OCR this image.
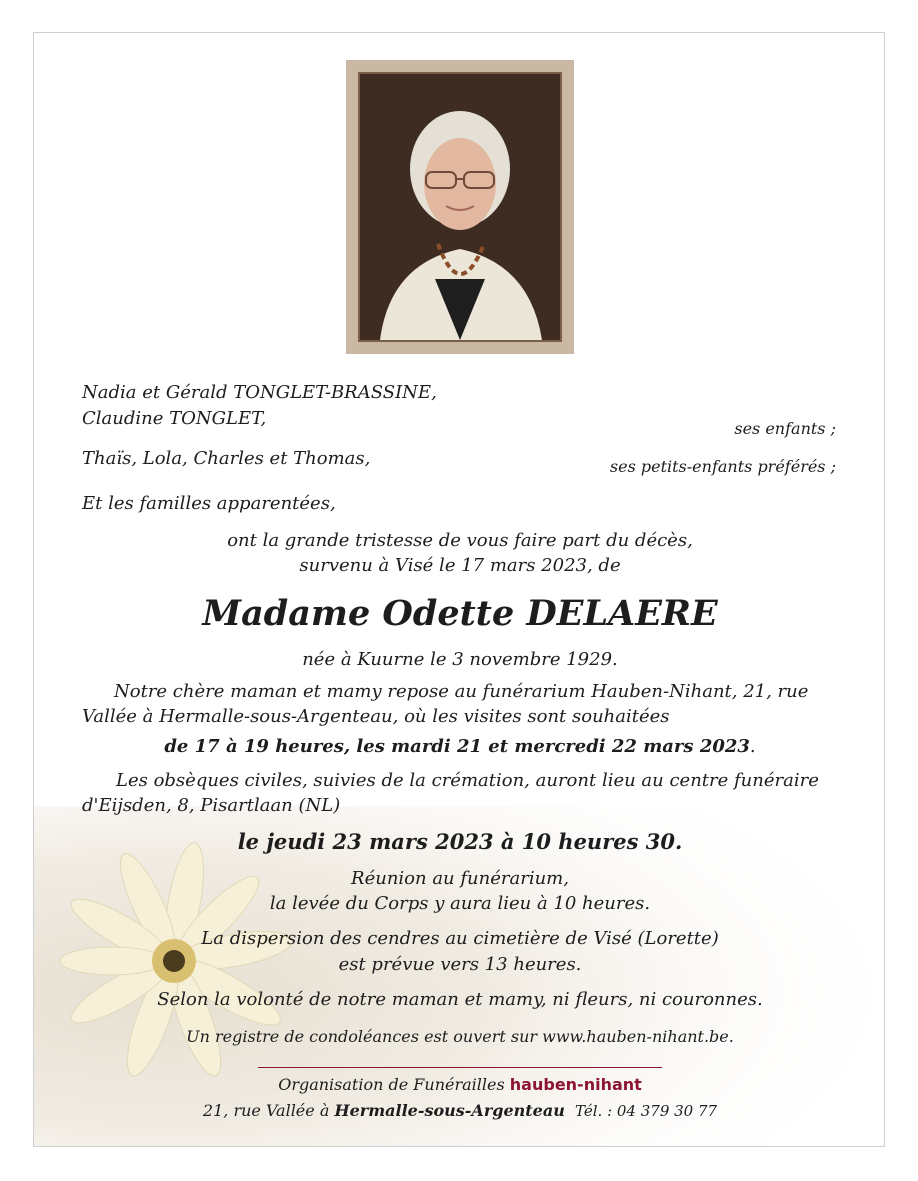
Nadia et Gérald TONGLET-BRASSINE,
Claudine TONGLET,	ses enfants ;
Thaïs, Lola, Charles et Thomas,	ses petits-enfants préférés ;
Et les familles apparentées,
ont la grande tristesse de vous faire part du décès,
survenu à Visé le 17 mars 2023, de
Madame Odette DELAERE
née à Kuurne le 3 novembre 1929.
Notre chère maman et mamy repose au funérarium Hauben-Nihant, 21, rue
Vallée à Hermalle-sous-Argenteau, où les visites sont souhaitées
de 17 à 19 heures, les mardi 21 et mercredi 22 mars 2023.
Les obsèques civiles, suivies de la crémation, auront lieu au centre funéraire
d'Eijsden, 8, Pisartlaan (NL)
le jeudi 23 mars 2023 à 10 heures 30.
Réunion au funérarium,
la levée du Corps y aura lieu à 10 heures.
La dispersion des cendres au cimetière de Visé (Lorette)
est prévue vers 13 heures.
Selon la volonté de notre maman et mamy, ni fleurs, ni couronnes.
Un registre de condoléances est ouvert sur www.hauben-nihant.be.
Organisation de Funérailles hauben-nihant
21, rue Vallée à Hermalle-sous-Argenteau Tél. : 04 379 30 77
